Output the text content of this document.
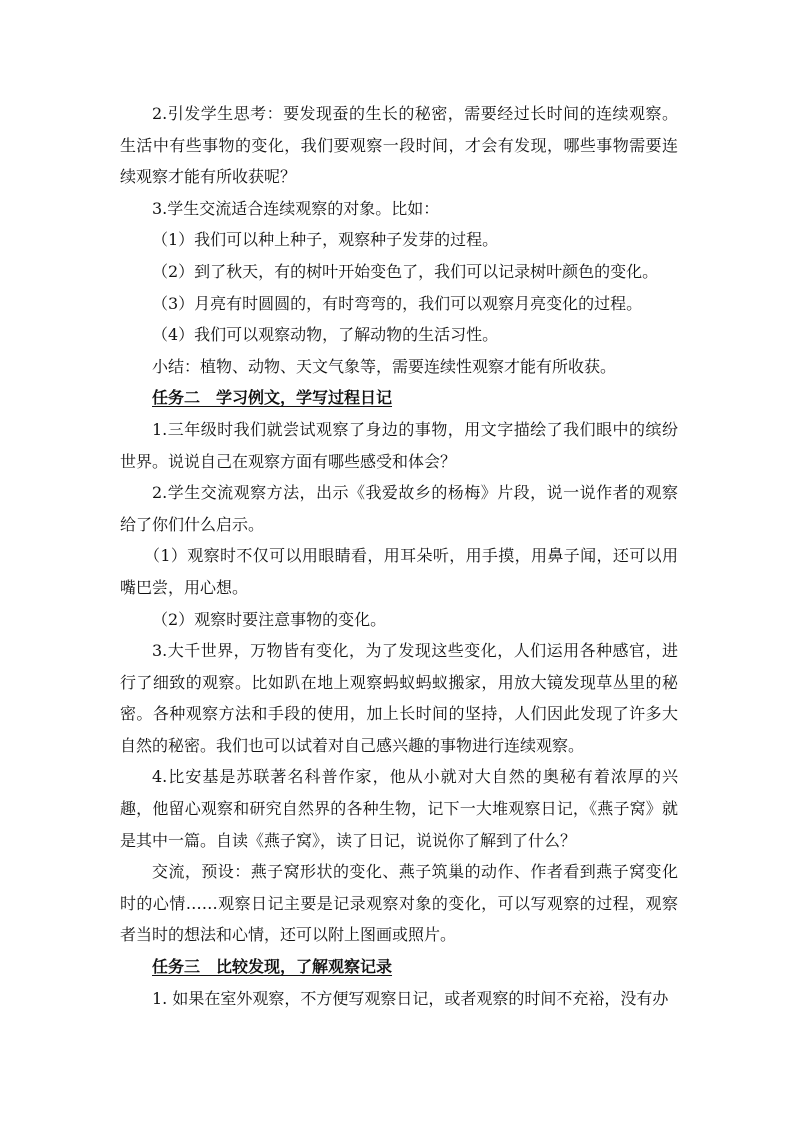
2.引发学生思考：要发现蚕的生长的秘密，需要经过长时间的连续观察。生活中有些事物的变化，我们要观察一段时间，才会有发现，哪些事物需要连续观察才能有所收获呢？

3.学生交流适合连续观察的对象。比如：

（1）我们可以种上种子，观察种子发芽的过程。

（2）到了秋天，有的树叶开始变色了，我们可以记录树叶颜色的变化。

（3）月亮有时圆圆的，有时弯弯的，我们可以观察月亮变化的过程。

（4）我们可以观察动物，了解动物的生活习性。

小结：植物、动物、天文气象等，需要连续性观察才能有所收获。

任务二　学习例文，学写过程日记

1.三年级时我们就尝试观察了身边的事物，用文字描绘了我们眼中的缤纷世界。说说自己在观察方面有哪些感受和体会？

2.学生交流观察方法，出示《我爱故乡的杨梅》片段，说一说作者的观察给了你们什么启示。

（1）观察时不仅可以用眼睛看，用耳朵听，用手摸，用鼻子闻，还可以用嘴巴尝，用心想。

（2）观察时要注意事物的变化。

3.大千世界，万物皆有变化，为了发现这些变化，人们运用各种感官，进行了细致的观察。比如趴在地上观察蚂蚁蚂蚁搬家，用放大镜发现草丛里的秘密。各种观察方法和手段的使用，加上长时间的坚持，人们因此发现了许多大自然的秘密。我们也可以试着对自己感兴趣的事物进行连续观察。

4.比安基是苏联著名科普作家，他从小就对大自然的奥秘有着浓厚的兴趣，他留心观察和研究自然界的各种生物，记下一大堆观察日记，《燕子窝》就是其中一篇。自读《燕子窝》，读了日记，说说你了解到了什么？

交流，预设：燕子窝形状的变化、燕子筑巢的动作、作者看到燕子窝变化时的心情……观察日记主要是记录观察对象的变化，可以写观察的过程，观察者当时的想法和心情，还可以附上图画或照片。

任务三　比较发现，了解观察记录

1. 如果在室外观察，不方便写观察日记，或者观察的时间不充裕，没有办
